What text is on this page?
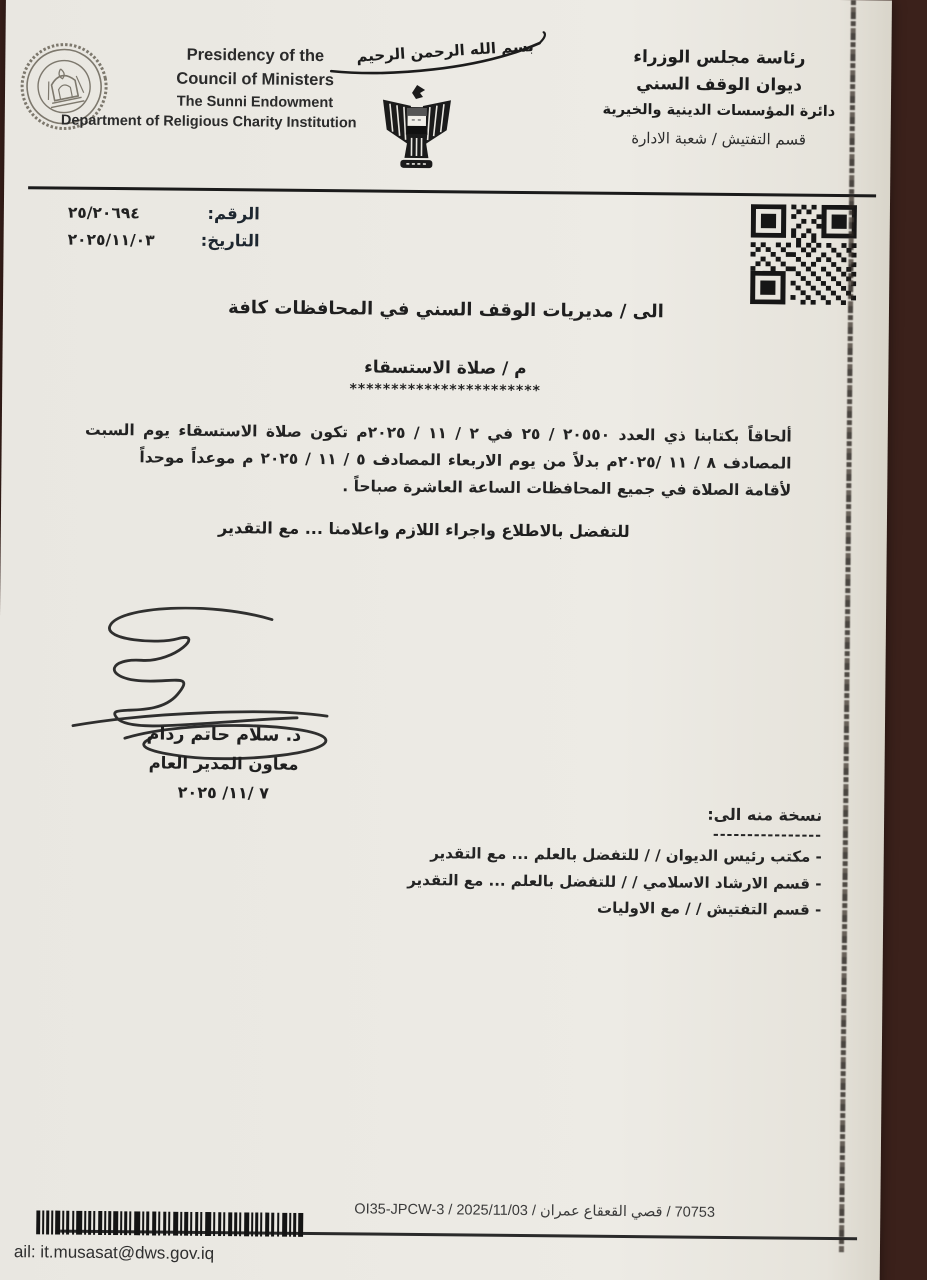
Presidency of the
Council of Ministers
The Sunni Endowment
Department of Religious Charity Institution
بسم الله الرحمن الرحيم	رئاسة مجلس الوزراء
ديوان الوقف السني
دائرة المؤسسات الدينية والخيرية
قسم التفتيش / شعبة الادارة
الرقم:
٢٥/٢٠٦٩٤
التاريخ:
٢٠٢٥/١١/٠٣
الى / مديريات الوقف السني في المحافظات كافة
م / صلاة الاستسقاء
***********************
ألحاقاً بكتابنا ذي العدد ٢٠٥٥٠ / ٢٥ في ٢ / ١١ / ٢٠٢٥م تكون صلاة الاستسقاء يوم السبت
المصادف ٨ / ١١ /٢٠٢٥م بدلاً من يوم الاربعاء المصادف ٥ / ١١ / ٢٠٢٥ م موعداً موحداً
لأقامة الصلاة في جميع المحافظات الساعة العاشرة صباحاً .
للتفضل بالاطلاع واجراء اللازم واعلامنا ... مع التقدير
د. سلام حاتم ردام
معاون المدير العام
٧ /١١/ ٢٠٢٥
نسخة منه الى:
----------------
- مكتب رئيس الديوان / / للتفضل بالعلم ... مع التقدير
- قسم الارشاد الاسلامي / / للتفضل بالعلم ... مع التقدير
- قسم التفتيش / / مع الاوليات
70753 / قصي القعقاع عمران / 2025/11/03 / OI35-JPCW-3
ail: it.musasat@dws.gov.iq
